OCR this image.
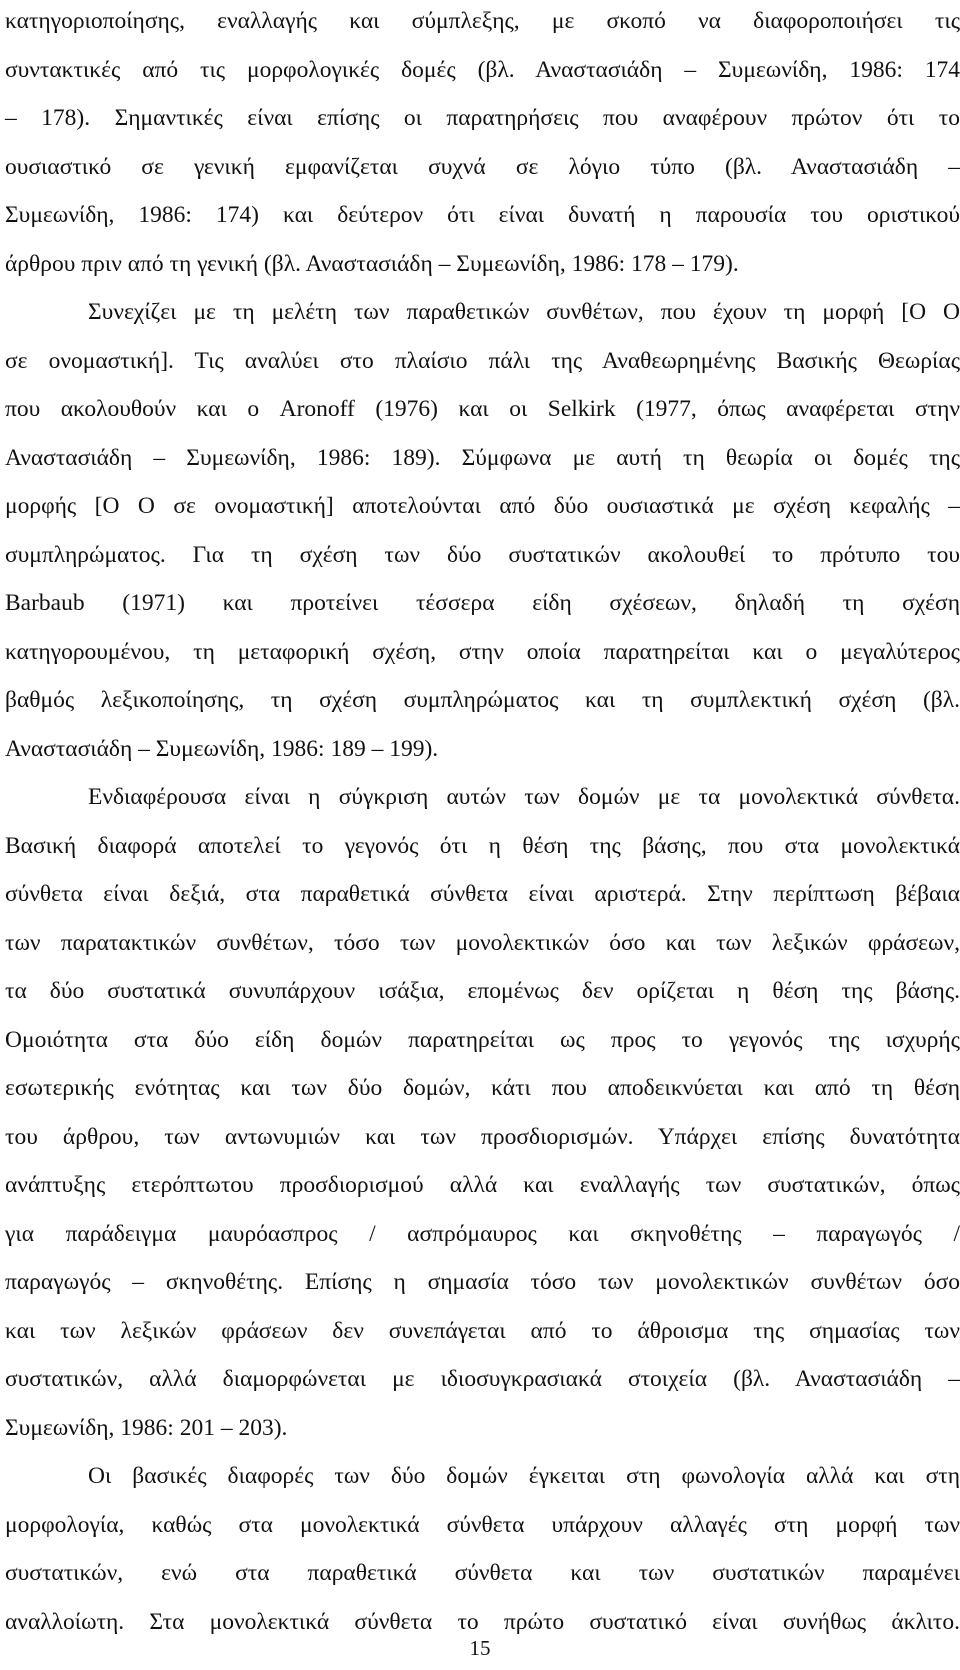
κατηγοριοποίησης, εναλλαγής και σύμπλεξης, με σκοπό να διαφοροποιήσει τις
συντακτικές από τις μορφολογικές δομές (βλ. Αναστασιάδη – Συμεωνίδη, 1986: 174
– 178). Σημαντικές είναι επίσης οι παρατηρήσεις που αναφέρουν πρώτον ότι το
ουσιαστικό σε γενική εμφανίζεται συχνά σε λόγιο τύπο (βλ. Αναστασιάδη –
Συμεωνίδη, 1986: 174) και δεύτερον ότι είναι δυνατή η παρουσία του οριστικού
άρθρου πριν από τη γενική (βλ. Αναστασιάδη – Συμεωνίδη, 1986: 178 – 179).
Συνεχίζει με τη μελέτη των παραθετικών συνθέτων, που έχουν τη μορφή [Ο Ο
σε ονομαστική]. Τις αναλύει στο πλαίσιο πάλι της Αναθεωρημένης Βασικής Θεωρίας
που ακολουθούν και ο Aronoff (1976) και οι Selkirk (1977, όπως αναφέρεται στην
Αναστασιάδη – Συμεωνίδη, 1986: 189). Σύμφωνα με αυτή τη θεωρία οι δομές της
μορφής [Ο Ο σε ονομαστική] αποτελούνται από δύο ουσιαστικά με σχέση κεφαλής –
συμπληρώματος. Για τη σχέση των δύο συστατικών ακολουθεί το πρότυπο του
Barbaub (1971) και προτείνει τέσσερα είδη σχέσεων, δηλαδή τη σχέση
κατηγορουμένου, τη μεταφορική σχέση, στην οποία παρατηρείται και ο μεγαλύτερος
βαθμός λεξικοποίησης, τη σχέση συμπληρώματος και τη συμπλεκτική σχέση (βλ.
Αναστασιάδη – Συμεωνίδη, 1986: 189 – 199).
Ενδιαφέρουσα είναι η σύγκριση αυτών των δομών με τα μονολεκτικά σύνθετα.
Βασική διαφορά αποτελεί το γεγονός ότι η θέση της βάσης, που στα μονολεκτικά
σύνθετα είναι δεξιά, στα παραθετικά σύνθετα είναι αριστερά. Στην περίπτωση βέβαια
των παρατακτικών συνθέτων, τόσο των μονολεκτικών όσο και των λεξικών φράσεων,
τα δύο συστατικά συνυπάρχουν ισάξια, επομένως δεν ορίζεται η θέση της βάσης.
Ομοιότητα στα δύο είδη δομών παρατηρείται ως προς το γεγονός της ισχυρής
εσωτερικής ενότητας και των δύο δομών, κάτι που αποδεικνύεται και από τη θέση
του άρθρου, των αντωνυμιών και των προσδιορισμών. Υπάρχει επίσης δυνατότητα
ανάπτυξης ετερόπτωτου προσδιορισμού αλλά και εναλλαγής των συστατικών, όπως
για παράδειγμα μαυρόασπρος / ασπρόμαυρος και σκηνοθέτης – παραγωγός /
παραγωγός – σκηνοθέτης. Επίσης η σημασία τόσο των μονολεκτικών συνθέτων όσο
και των λεξικών φράσεων δεν συνεπάγεται από το άθροισμα της σημασίας των
συστατικών, αλλά διαμορφώνεται με ιδιοσυγκρασιακά στοιχεία (βλ. Αναστασιάδη –
Συμεωνίδη, 1986: 201 – 203).
Οι βασικές διαφορές των δύο δομών έγκειται στη φωνολογία αλλά και στη
μορφολογία, καθώς στα μονολεκτικά σύνθετα υπάρχουν αλλαγές στη μορφή των
συστατικών, ενώ στα παραθετικά σύνθετα και των συστατικών παραμένει
αναλλοίωτη. Στα μονολεκτικά σύνθετα το πρώτο συστατικό είναι συνήθως άκλιτο.
15
